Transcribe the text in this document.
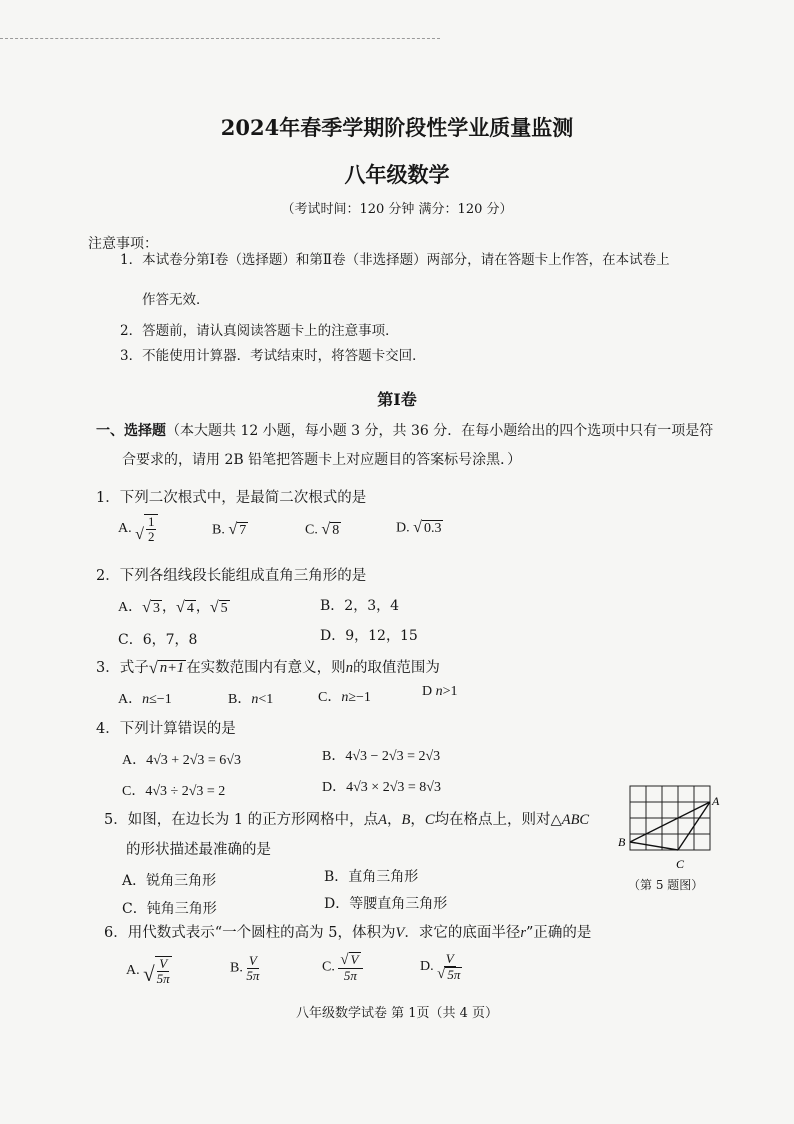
2024年春季学期阶段性学业质量监测
八年级数学
（考试时间：120 分钟 满分：120 分）
注意事项：
1．本试卷分第Ⅰ卷（选择题）和第Ⅱ卷（非选择题）两部分，请在答题卡上作答，在本试卷上
作答无效．
2．答题前，请认真阅读答题卡上的注意事项．
3．不能使用计算器．考试结束时，将答题卡交回．
第Ⅰ卷
一、选择题（本大题共 12 小题，每小题 3 分，共 36 分．在每小题给出的四个选项中只有一项是符
合要求的，请用 2B 铅笔把答题卡上对应题目的答案标号涂黑．）
1．下列二次根式中，是最简二次根式的是
A. √ $\frac{1}{2}$	B. √ 7	C. √ 8	D. √ 0.3
2．下列各组线段长能组成直角三角形的是
A． √ 3 ， √ 4 ， √ 5	B．2，3，4
C．6，7，8	D．9，12，15
3．式子 √ n+1 在实数范围内有意义，则n的取值范围为
A．n≤−1	B．n<1	C．n≥−1	D n>1
4．下列计算错误的是
A．4√3 + 2√3 = 6√3	B．4√3 − 2√3 = 2√3
C．4√3 ÷ 2√3 = 2	D．4√3 × 2√3 = 8√3
5．如图，在边长为 1 的正方形网格中，点A，B，C均在格点上，则对△ABC
的形状描述最准确的是
A．锐角三角形	B．直角三角形
C．钝角三角形	D．等腰直角三角形
A
B
C
（第 5 题图）
6．用代数式表示“一个圆柱的高为 5，体积为V．求它的底面半径r”正确的是
A. √ $\frac{V}{5\pi}$	B. $\frac{V}{5\pi}$	C. $\frac{√ V}{5\pi}$	D. $\frac{V}{√ 5\pi}$
八年级数学试卷 第 1页（共 4 页）
